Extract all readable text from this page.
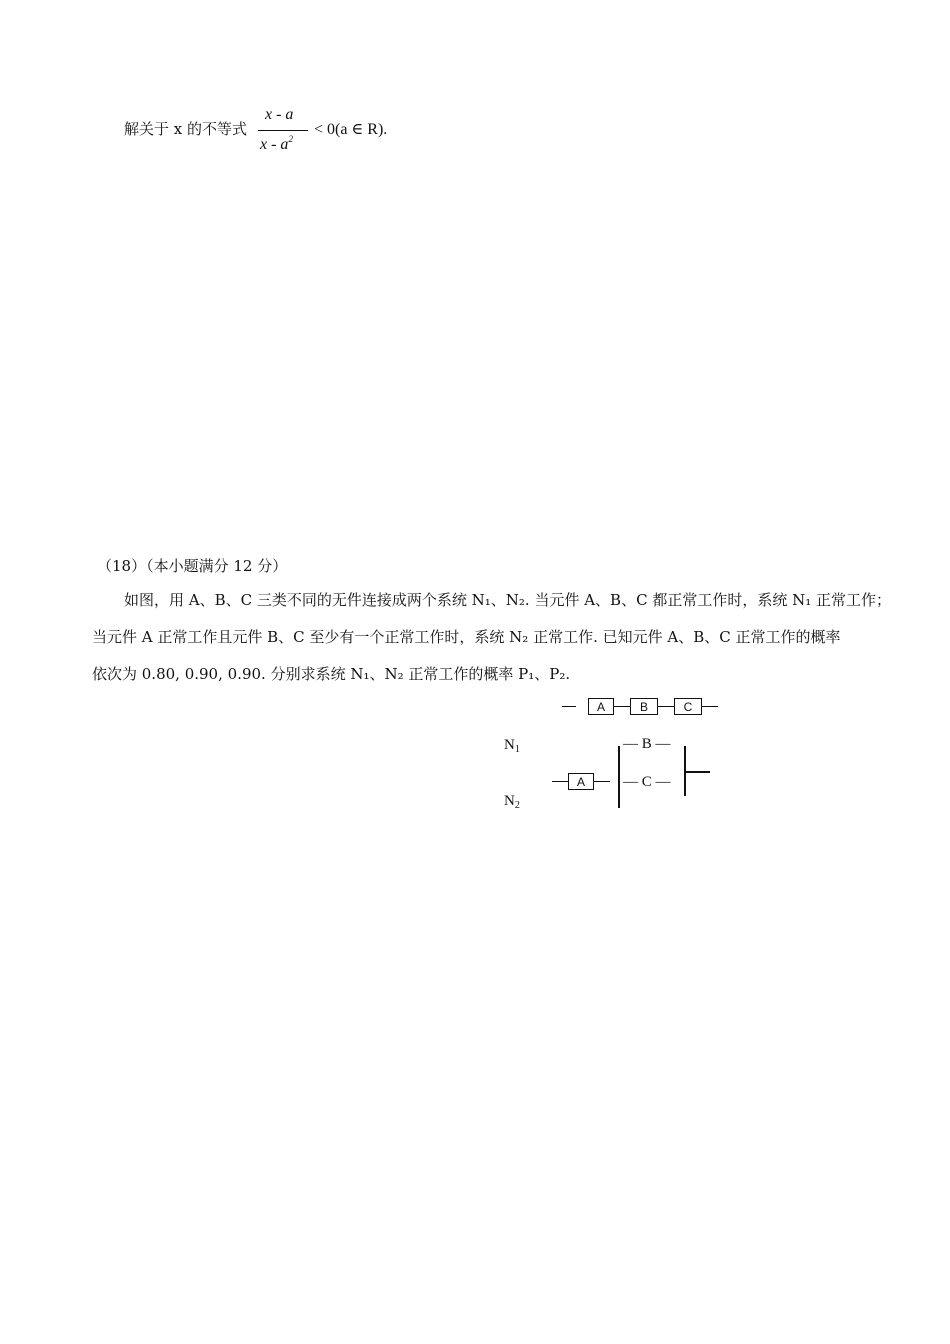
解关于 x 的不等式
x - a
x - $a^2$
< 0(a ∈ R).
（18）（本小题满分 12 分）
如图，用 A、B、C 三类不同的无件连接成两个系统 N₁、N₂. 当元件 A、B、C 都正常工作时，系统 N₁ 正常工作；
当元件 A 正常工作且元件 B、C 至少有一个正常工作时，系统 N₂ 正常工作. 已知元件 A、B、C 正常工作的概率
依次为 0.80, 0.90, 0.90. 分别求系统 N₁、N₂ 正常工作的概率 P₁、P₂.
A	B	C
$N_1$
$N_2$
A
— B —
— C —
